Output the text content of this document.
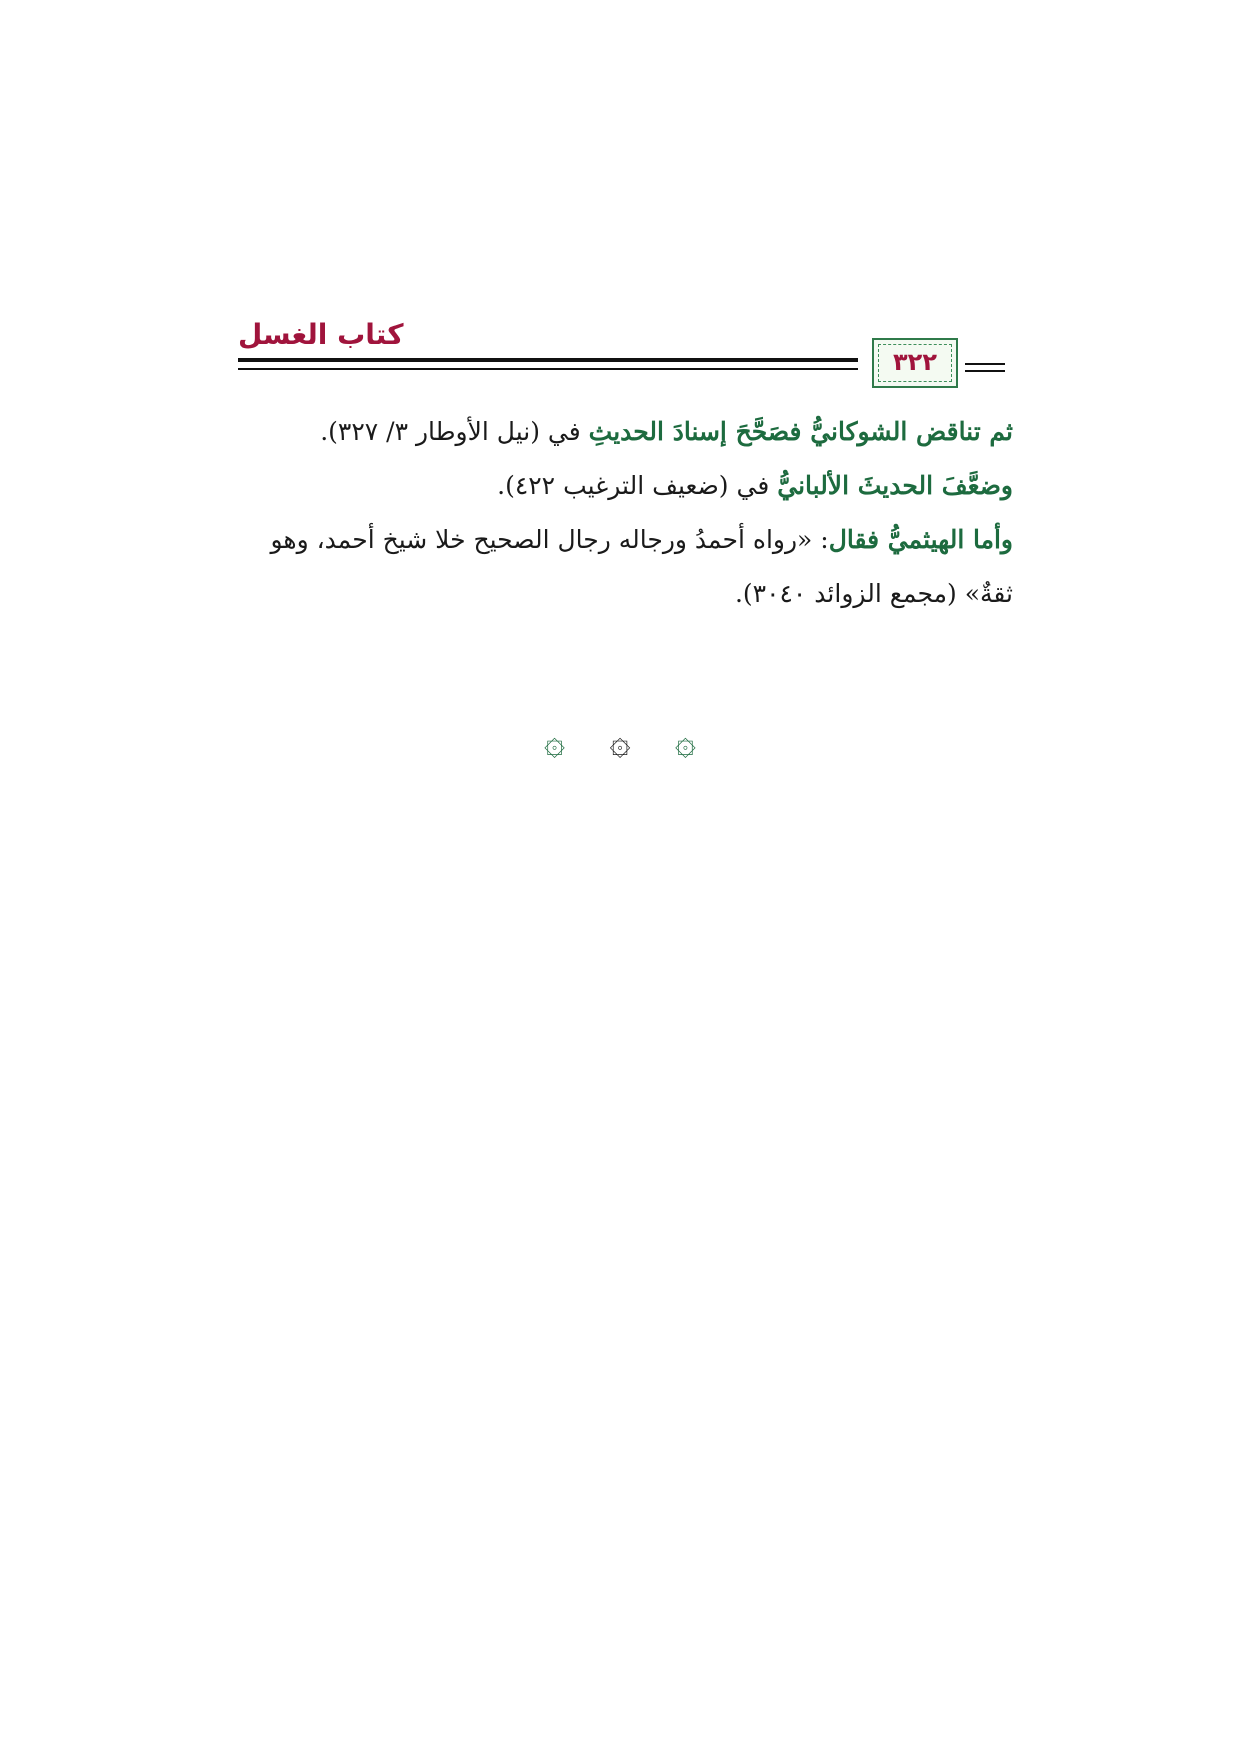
كتاب الغسل
٣٢٢

ثم تناقض الشوكانيُّ فصَحَّحَ إسنادَ الحديثِ في (نيل الأوطار ٣/ ٣٢٧).

وضعَّفَ الحديثَ الألبانيُّ في (ضعيف الترغيب ٤٢٢).

وأما الهيثميُّ فقال: «رواه أحمدُ ورجاله رجال الصحيح خلا شيخ أحمد، وهو ثقةٌ» (مجمع الزوائد ٣٠٤٠).

۞ ۞ ۞
